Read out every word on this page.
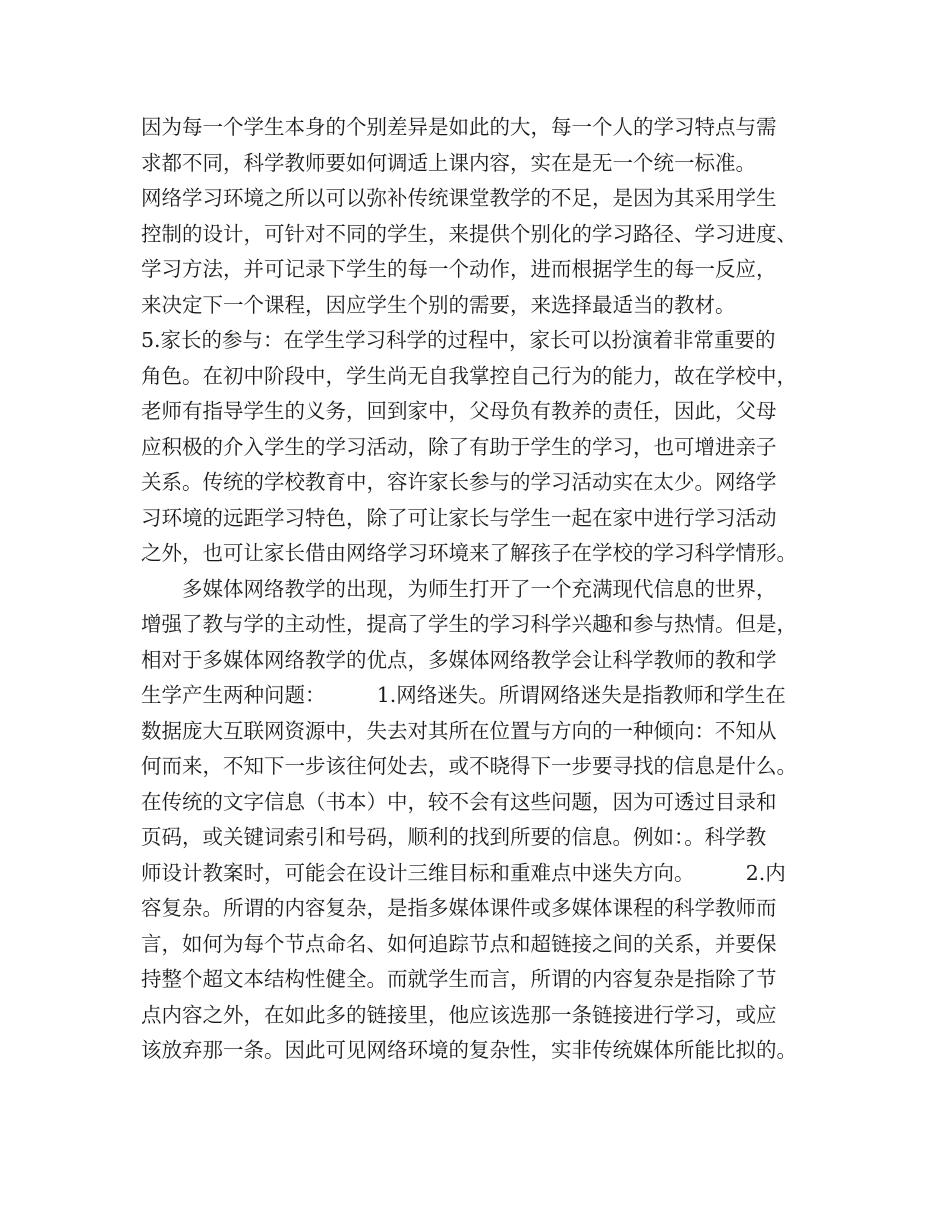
因为每一个学生本身的个别差异是如此的大，每一个人的学习特点与需
求都不同，科学教师要如何调适上课内容，实在是无一个统一标准。
网络学习环境之所以可以弥补传统课堂教学的不足，是因为其采用学生
控制的设计，可针对不同的学生，来提供个别化的学习路径、学习进度、
学习方法，并可记录下学生的每一个动作，进而根据学生的每一反应，
来决定下一个课程，因应学生个别的需要，来选择最适当的教材。
5.家长的参与：在学生学习科学的过程中，家长可以扮演着非常重要的
角色。在初中阶段中，学生尚无自我掌控自己行为的能力，故在学校中，
老师有指导学生的义务，回到家中，父母负有教养的责任，因此，父母
应积极的介入学生的学习活动，除了有助于学生的学习，也可增进亲子
关系。传统的学校教育中，容许家长参与的学习活动实在太少。网络学
习环境的远距学习特色，除了可让家长与学生一起在家中进行学习活动
之外，也可让家长借由网络学习环境来了解孩子在学校的学习科学情形。
　　多媒体网络教学的出现，为师生打开了一个充满现代信息的世界，
增强了教与学的主动性，提高了学生的学习科学兴趣和参与热情。但是，
相对于多媒体网络教学的优点，多媒体网络教学会让科学教师的教和学
生学产生两种问题：　　　1.网络迷失。所谓网络迷失是指教师和学生在
数据庞大互联网资源中，失去对其所在位置与方向的一种倾向：不知从
何而来，不知下一步该往何处去，或不晓得下一步要寻找的信息是什么。
在传统的文字信息（书本）中，较不会有这些问题，因为可透过目录和
页码，或关键词索引和号码，顺利的找到所要的信息。例如：。科学教
师设计教案时，可能会在设计三维目标和重难点中迷失方向。　　　2.内
容复杂。所谓的内容复杂，是指多媒体课件或多媒体课程的科学教师而
言，如何为每个节点命名、如何追踪节点和超链接之间的关系，并要保
持整个超文本结构性健全。而就学生而言，所谓的内容复杂是指除了节
点内容之外，在如此多的链接里，他应该选那一条链接进行学习，或应
该放弃那一条。因此可见网络环境的复杂性，实非传统媒体所能比拟的。
